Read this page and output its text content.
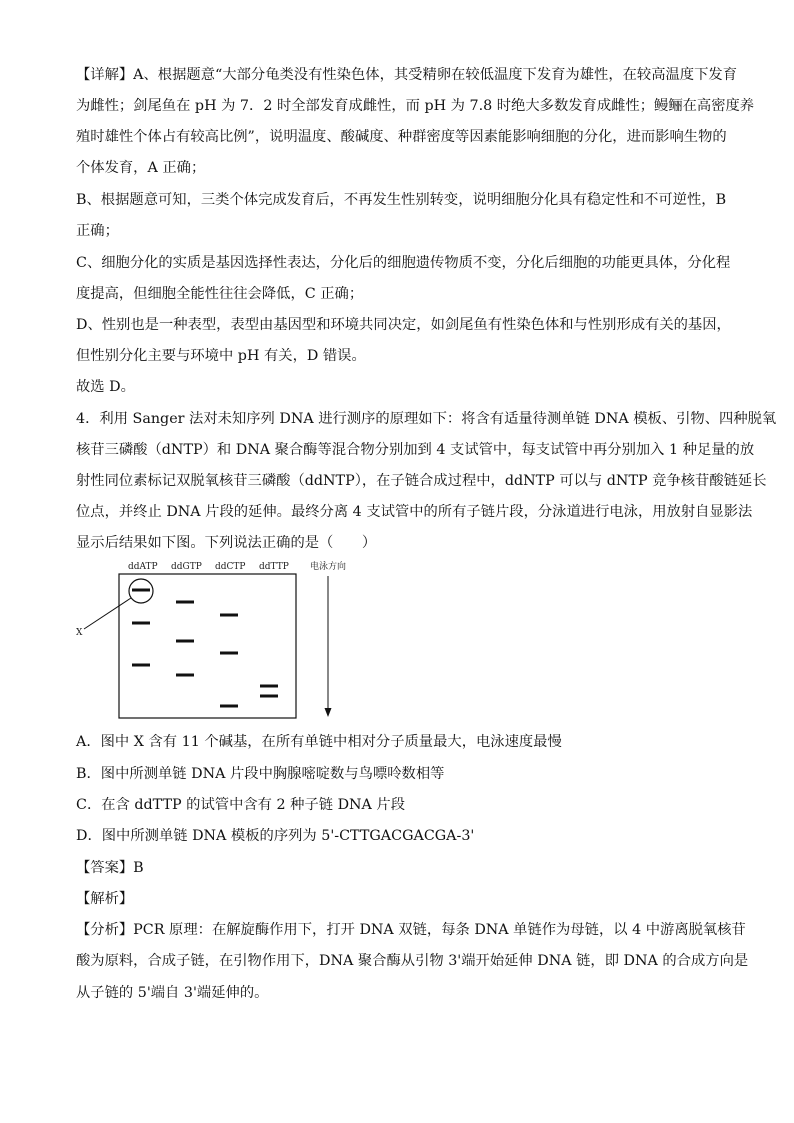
【详解】A、根据题意“大部分龟类没有性染色体，其受精卵在较低温度下发育为雄性，在较高温度下发育
为雌性；剑尾鱼在 pH 为 7．2 时全部发育成雌性，而 pH 为 7.8 时绝大多数发育成雌性；鳗鲡在高密度养
殖时雄性个体占有较高比例”，说明温度、酸碱度、种群密度等因素能影响细胞的分化，进而影响生物的
个体发育，A 正确；
B、根据题意可知，三类个体完成发育后，不再发生性别转变，说明细胞分化具有稳定性和不可逆性，B
正确；
C、细胞分化的实质是基因选择性表达，分化后的细胞遗传物质不变，分化后细胞的功能更具体，分化程
度提高，但细胞全能性往往会降低，C 正确；
D、性别也是一种表型，表型由基因型和环境共同决定，如剑尾鱼有性染色体和与性别形成有关的基因，
但性别分化主要与环境中 pH 有关，D 错误。
故选 D。
4．利用 Sanger 法对未知序列 DNA 进行测序的原理如下：将含有适量待测单链 DNA 模板、引物、四种脱氧
核苷三磷酸（dNTP）和 DNA 聚合酶等混合物分别加到 4 支试管中，每支试管中再分别加入 1 种足量的放
射性同位素标记双脱氧核苷三磷酸（ddNTP），在子链合成过程中，ddNTP 可以与 dNTP 竞争核苷酸链延长
位点，并终止 DNA 片段的延伸。最终分离 4 支试管中的所有子链片段，分泳道进行电泳，用放射自显影法
显示后结果如下图。下列说法正确的是（　　）
ddATP ddGTP ddCTP ddTTP 电泳方向
X
A．图中 X 含有 11 个碱基，在所有单链中相对分子质量最大，电泳速度最慢
B．图中所测单链 DNA 片段中胸腺嘧啶数与鸟嘌呤数相等
C．在含 ddTTP 的试管中含有 2 种子链 DNA 片段
D．图中所测单链 DNA 模板的序列为 5'-CTTGACGACGA-3'
【答案】B
【解析】
【分析】PCR 原理：在解旋酶作用下，打开 DNA 双链，每条 DNA 单链作为母链，以 4 中游离脱氧核苷
酸为原料，合成子链，在引物作用下，DNA 聚合酶从引物 3'端开始延伸 DNA 链，即 DNA 的合成方向是
从子链的 5'端自 3'端延伸的。
